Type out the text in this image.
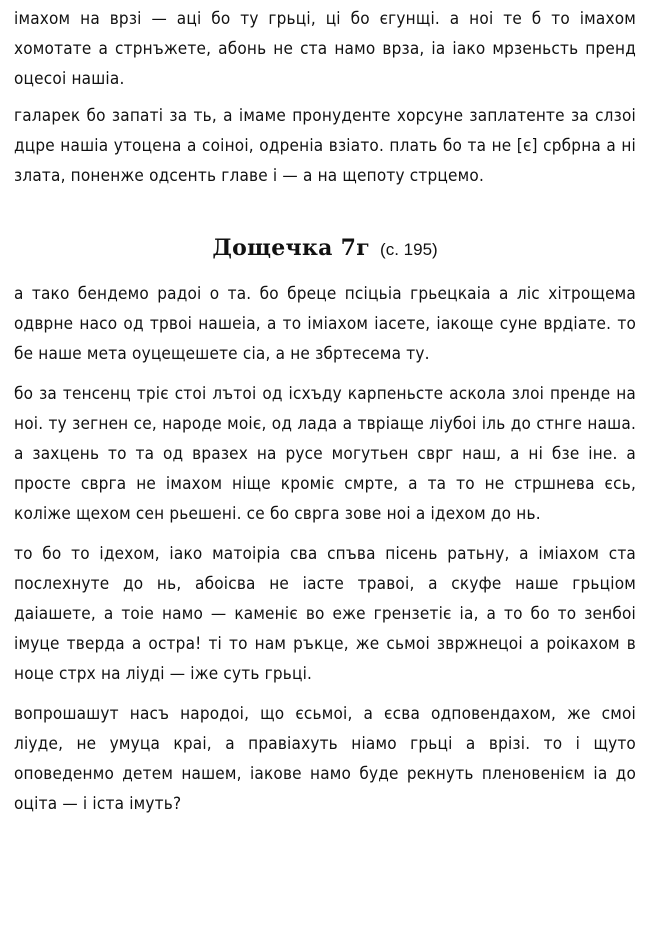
імахом на врзі — аці бо ту грьці, ці бо єгунщі. а нoi те б то імахом хомотате а стрнъжете, абонь не ста намо врза, іа іако мрзеньсть пренд оцесоі нашіа.

галарек бо запаті за ть, а імаме пронуденте хорсуне заплатенте за слзоі дцре нашіа утоцена а соіноі, одреніа взіато. плать бо та не [є] србрна а ні злата, поненже одсенть главе і — а на щепоту стрцемо.

Дощечка 7г (с. 195)

а тако бендемо радоі о та. бо бреце псіцьіа грьецкаіа а ліс хітрощема одврне насо од трвоі нашеіа, а то іміахом іасете, іакоще суне врдіате. то бе наше мета оуцещешете сіа, а не збртесема ту.

бо за тенсенц тріє стоі лътоі од ісхъду карпеньсте аскола злоі пренде на ноі. ту зегнен се, народе моіє, од лада а твріаще ліубоі іль до стнге наша. а захцень то та од вразех на русе могутьен сврг наш, а ні бзе іне. а просте сврга не імахом ніще кроміє смрте, а та то не стршнева єсь, коліже щехом сен рьешені. се бо сврга зове ноі а ідехом до нь.

то бо то ідехом, іако матоіріа сва спъва пісень ратьну, а іміахом ста послехнуте до нь, абоісва не іасте травоі, а скуфе наше грьціом даіашете, а тоіе намо — каменіє во еже грензетіє іа, а то бо то зенбоі імуце тверда а остра! ті то нам ръкце, же сьмоі звржнецоі а роікахом в ноце стрх на ліуді — іже суть грьці.

вопрошашут насъ народоі, що єсьмоі, а єсва одповендахом, же смоі ліуде, не умуца краі, а правіахуть ніамо грьці а врізі. то і щуто оповеденмо детем нашем, іакове намо буде рекнуть пленовенієм іа до оціта — і іста імуть?
